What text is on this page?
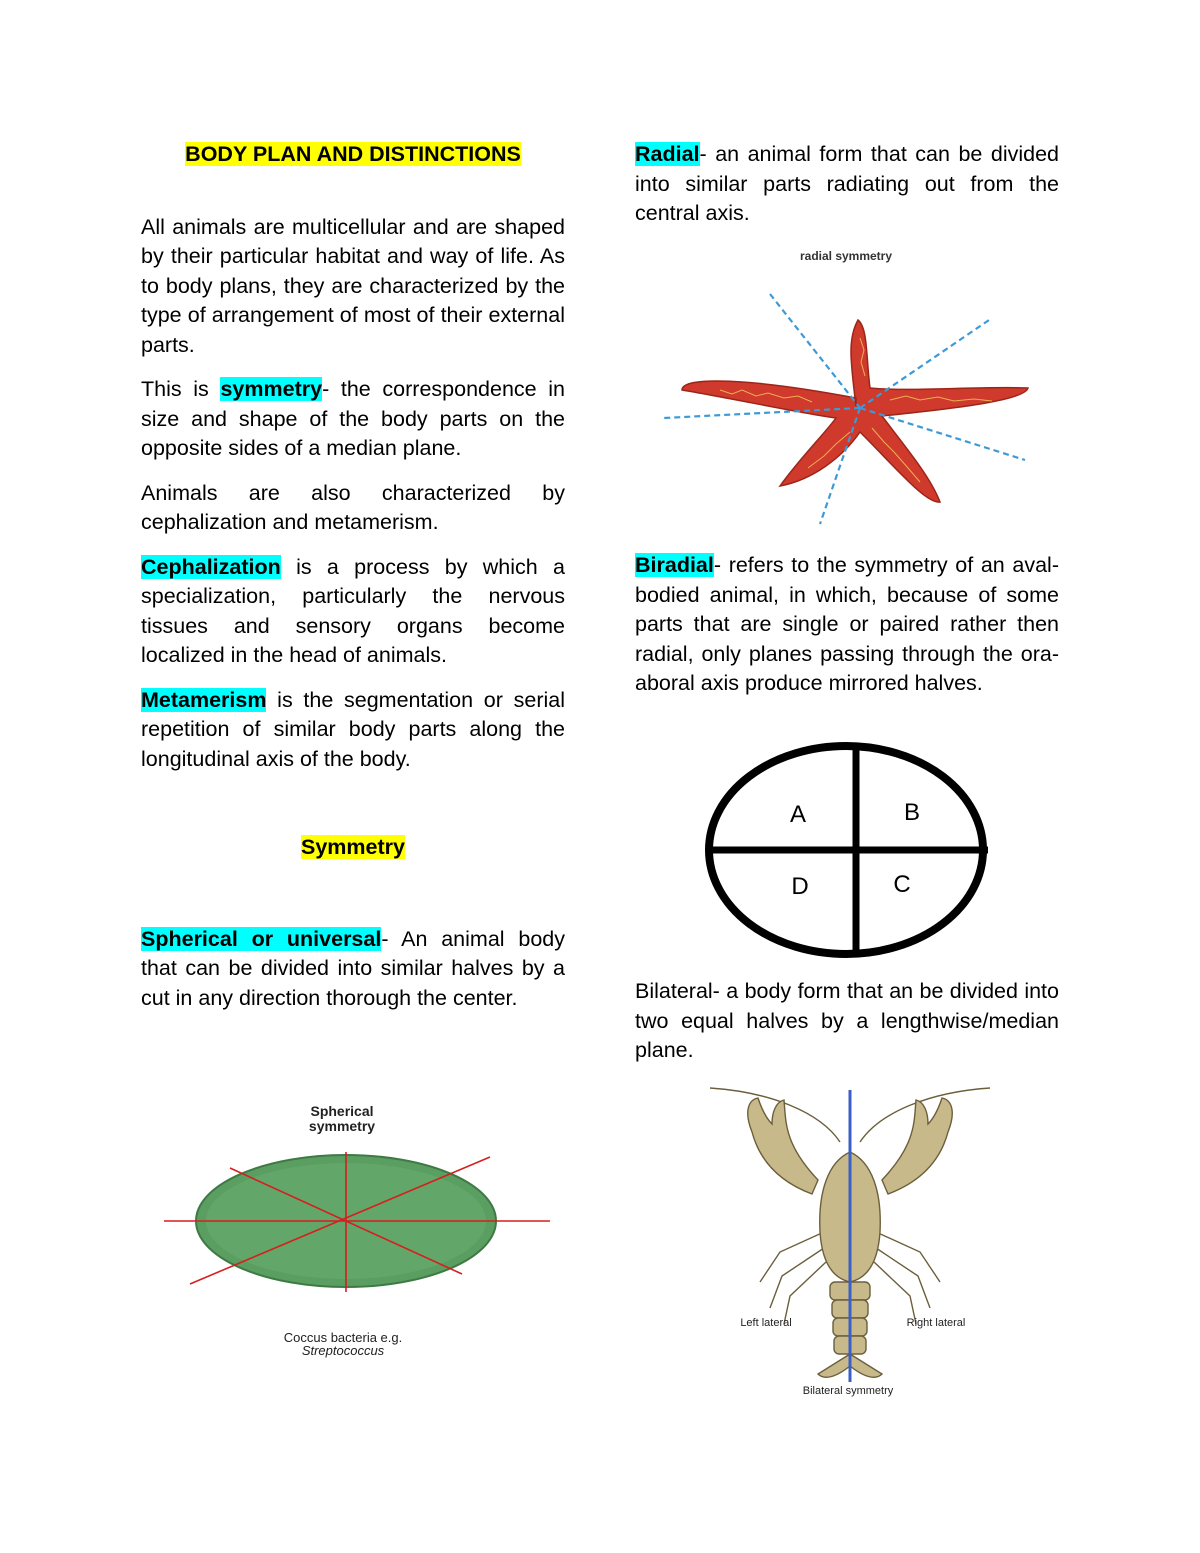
BODY PLAN AND DISTINCTIONS

All animals are multicellular and are shaped by their particular habitat and way of life. As to body plans, they are characterized by the type of arrangement of most of their external parts.

This is symmetry- the correspondence in size and shape of the body parts on the opposite sides of a median plane.

Animals are also characterized by cephalization and metamerism.

Cephalization is a process by which a specialization, particularly the nervous tissues and sensory organs become localized in the head of animals.

Metamerism is the segmentation or serial repetition of similar body parts along the longitudinal axis of the body.

Symmetry

Spherical or universal- An animal body that can be divided into similar halves by a cut in any direction thorough the center.

Radial- an animal form that can be divided into similar parts radiating out from the central axis.

Biradial- refers to the symmetry of an aval-bodied animal, in which, because of some parts that are single or paired rather then radial, only planes passing through the ora-aboral axis produce mirrored halves.

Bilateral- a body form that an be divided into two equal halves by a lengthwise/median plane.

Spherical
symmetry
Coccus bacteria e.g.
Streptococcus
radial symmetry
A	B
D	C
Left lateral	Right lateral
Bilateral symmetry
